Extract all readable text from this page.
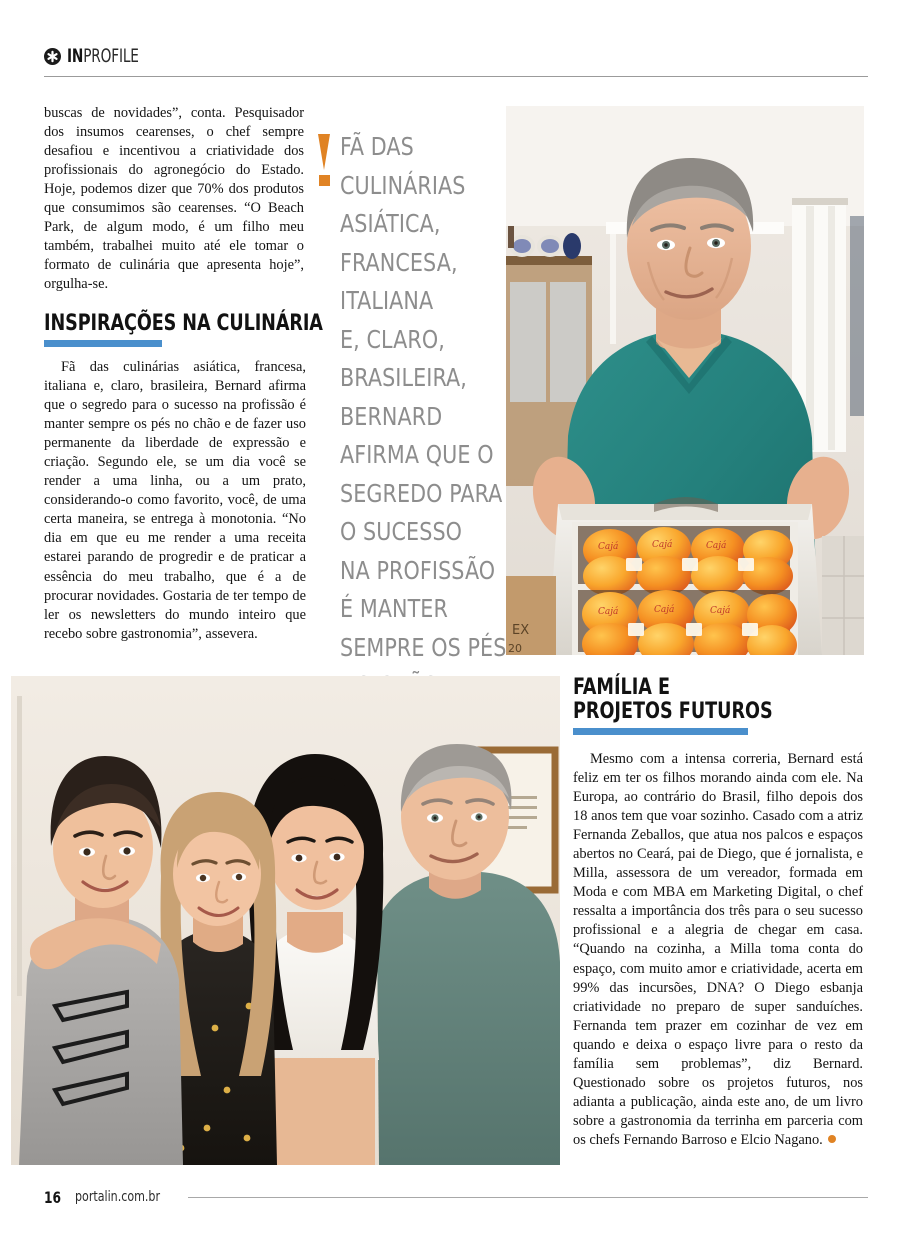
INPROFILE

buscas de novidades”, conta. Pesquisador dos insumos cearenses, o chef sempre desafiou e incentivou a criatividade dos profissionais do agronegócio do Estado. Hoje, podemos dizer que 70% dos produtos que consumimos são cearenses. “O Beach Park, de algum modo, é um filho meu também, trabalhei muito até ele tomar o formato de culinária que apresenta hoje”, orgulha-se.

INSPIRAÇÕES NA CULINÁRIA

Fã das culinárias asiática, francesa, italiana e, claro, brasileira, Bernard afirma que o segredo para o sucesso na profissão é manter sempre os pés no chão e de fazer uso permanente da liberdade de expressão e criação. Segundo ele, se um dia você se render a uma linha, ou a um prato, considerando-o como favorito, você, de uma certa maneira, se entrega à monotonia. “No dia em que eu me render a uma receita estarei parando de progredir e de praticar a essência do meu trabalho, que é a de procurar novidades. Gostaria de ter tempo de ler os newsletters do mundo inteiro que recebo sobre gastronomia”, assevera.

FÃ DAS
CULINÁRIAS
ASIÁTICA,
FRANCESA,
ITALIANA
E, CLARO,
BRASILEIRA,
BERNARD
AFIRMA QUE O
SEGREDO PARA
O SUCESSO
NA PROFISSÃO
É MANTER
SEMPRE OS PÉS
Cajá	Cajá	Cajá
Cajá	Cajá	Cajá
EX
20
FAMÍLIA E
PROJETOS FUTUROS

Mesmo com a intensa correria, Bernard está feliz em ter os filhos morando ainda com ele. Na Europa, ao contrário do Brasil, filho depois dos 18 anos tem que voar sozinho. Casado com a atriz Fernanda Zeballos, que atua nos palcos e espaços abertos no Ceará, pai de Diego, que é jornalista, e Milla, assessora de um vereador, formada em Moda e com MBA em Marketing Digital, o chef ressalta a importância dos três para o seu sucesso profissional e a alegria de chegar em casa. “Quando na cozinha, a Milla toma conta do espaço, com muito amor e criatividade, acerta em 99% das incursões, DNA? O Diego esbanja criatividade no preparo de super sanduíches. Fernanda tem prazer em cozinhar de vez em quando e deixa o espaço livre para o resto da família sem problemas”, diz Bernard. Questionado sobre os projetos futuros, nos adianta a publicação, ainda este ano, de um livro sobre a gastronomia da terrinha em parceria com os chefs Fernando Barroso e Elcio Nagano.

16 portalin.com.br
